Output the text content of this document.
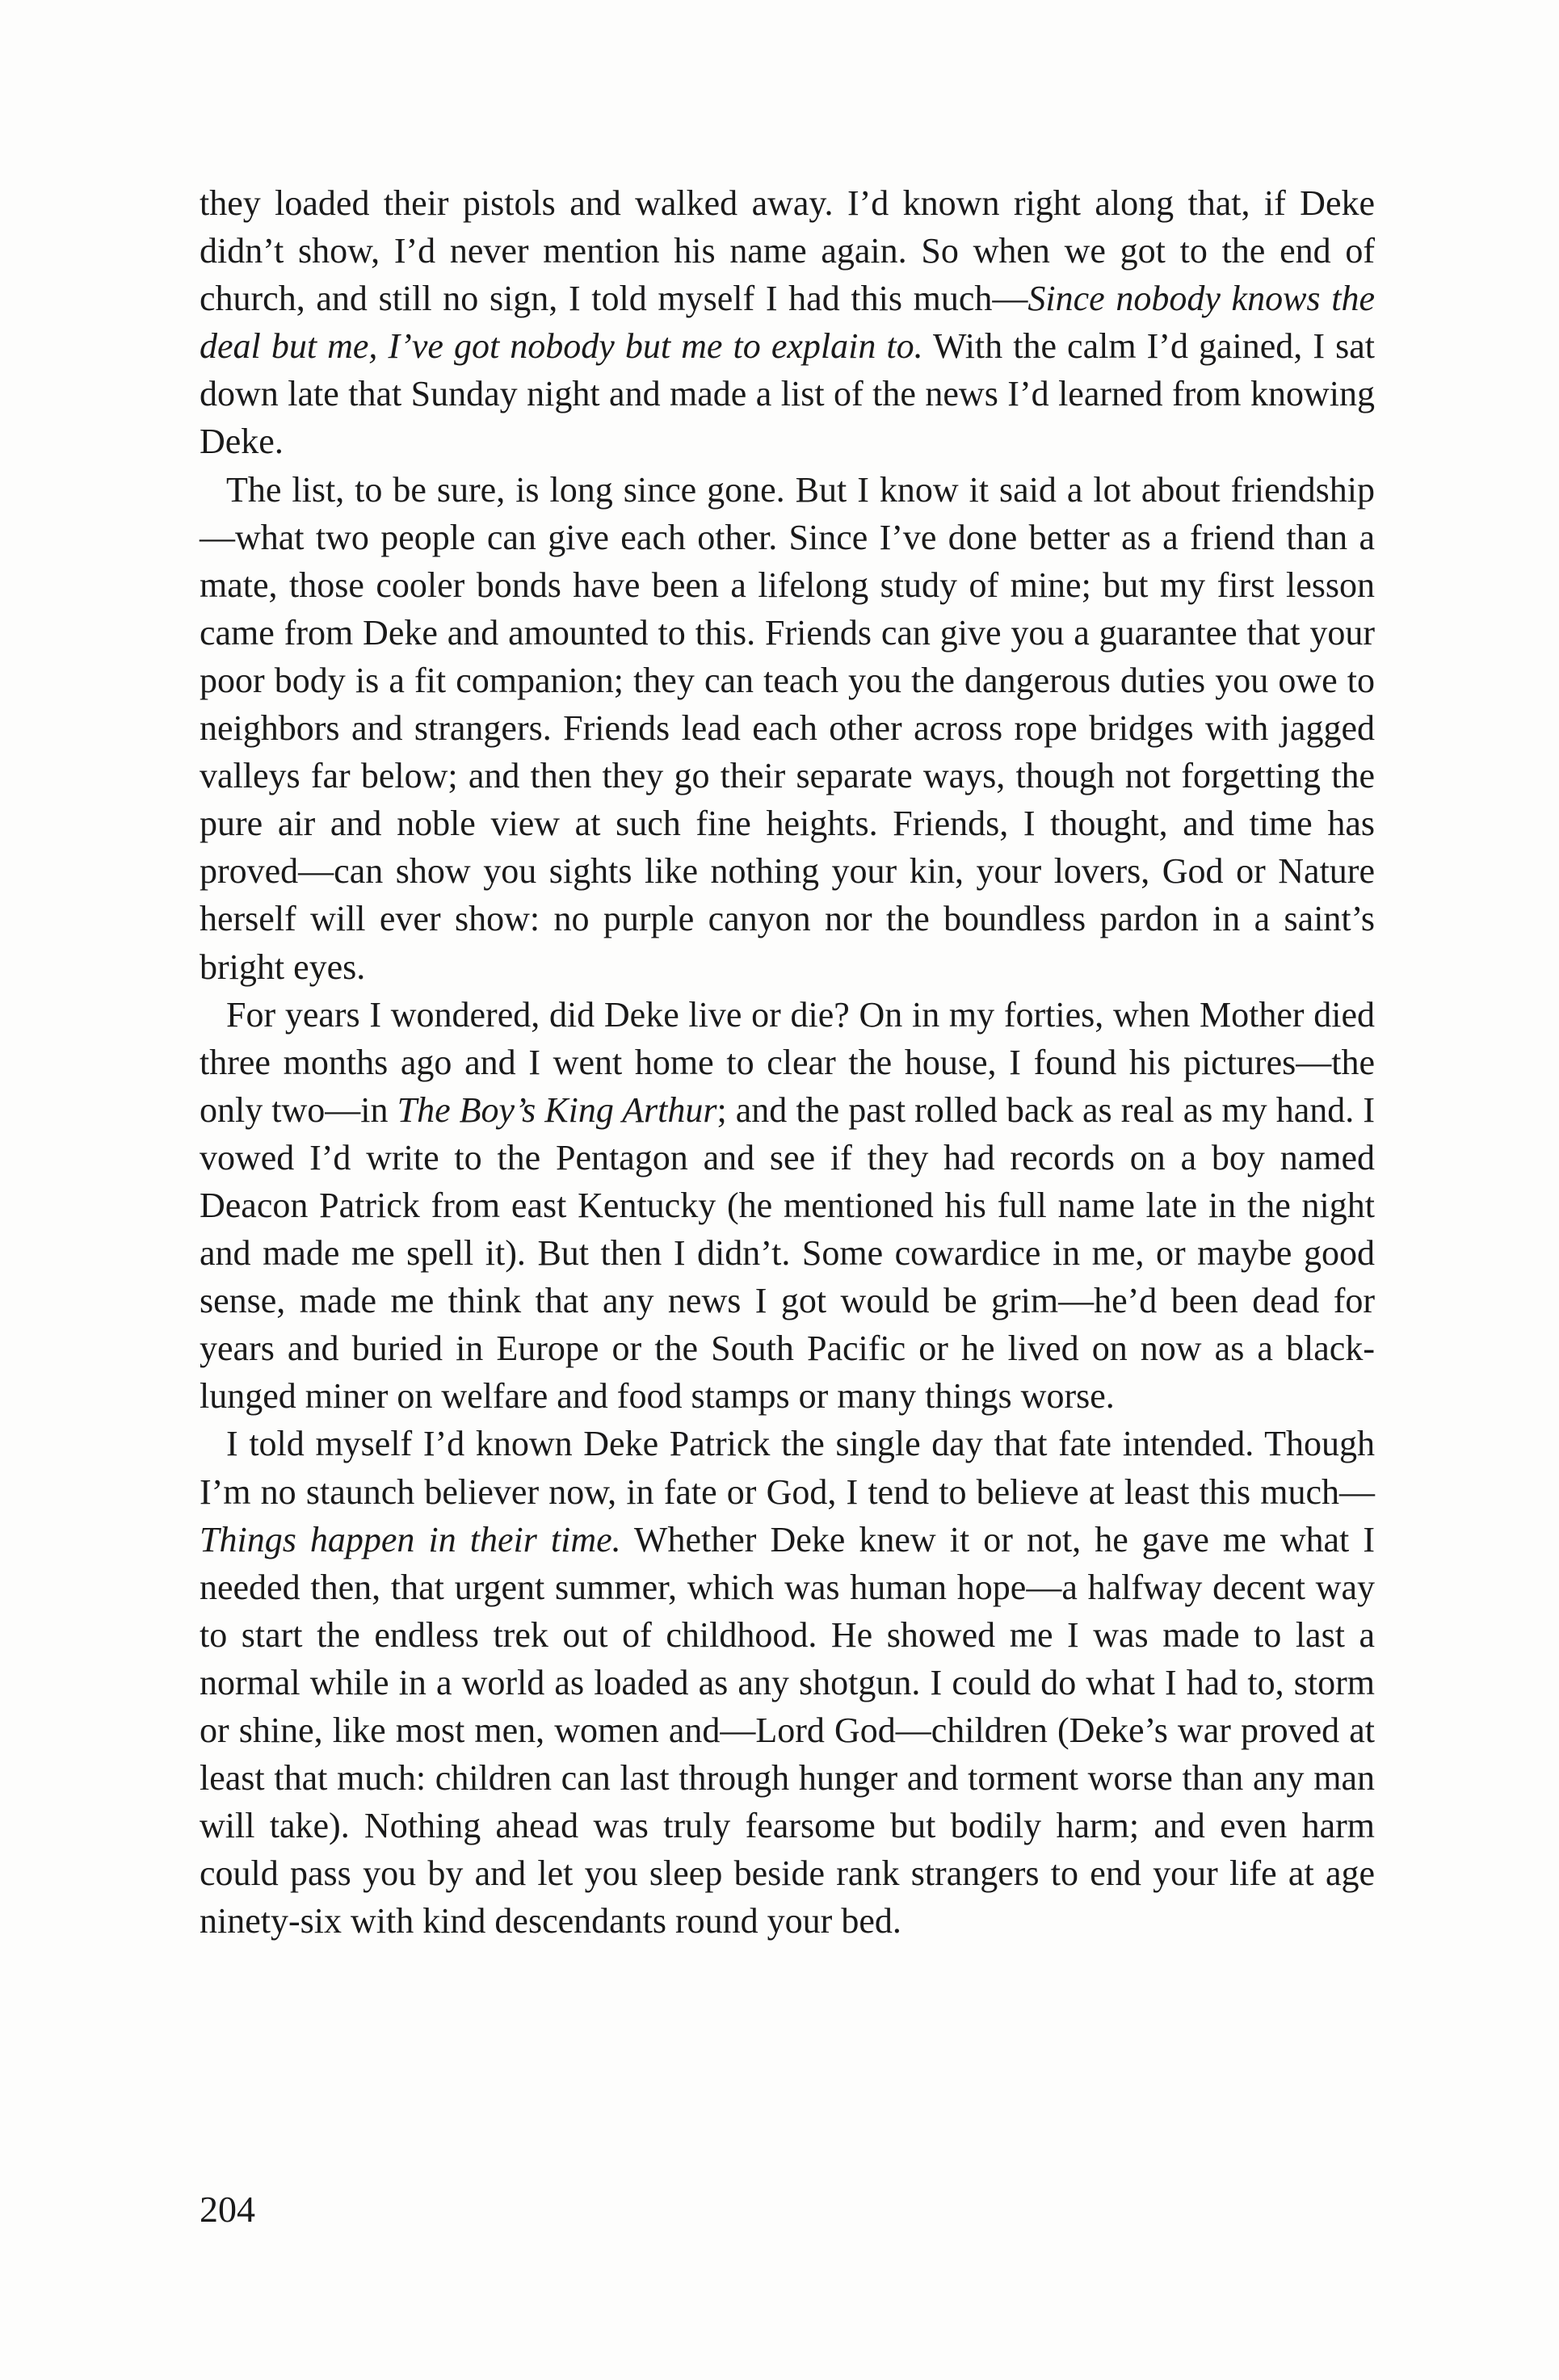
they loaded their pistols and walked away. I’d known right along that, if Deke didn’t show, I’d never mention his name again. So when we got to the end of church, and still no sign, I told myself I had this much—Since nobody knows the deal but me, I’ve got nobody but me to explain to. With the calm I’d gained, I sat down late that Sunday night and made a list of the news I’d learned from knowing Deke.

The list, to be sure, is long since gone. But I know it said a lot about friendship—what two people can give each other. Since I’ve done better as a friend than a mate, those cooler bonds have been a lifelong study of mine; but my first lesson came from Deke and amounted to this. Friends can give you a guarantee that your poor body is a fit companion; they can teach you the dangerous duties you owe to neighbors and strangers. Friends lead each other across rope bridges with jagged valleys far below; and then they go their separate ways, though not forgetting the pure air and noble view at such fine heights. Friends, I thought, and time has proved—can show you sights like nothing your kin, your lovers, God or Nature herself will ever show: no purple canyon nor the boundless pardon in a saint’s bright eyes.

For years I wondered, did Deke live or die? On in my forties, when Mother died three months ago and I went home to clear the house, I found his pictures—the only two—in The Boy’s King Arthur; and the past rolled back as real as my hand. I vowed I’d write to the Pentagon and see if they had records on a boy named Deacon Patrick from east Kentucky (he mentioned his full name late in the night and made me spell it). But then I didn’t. Some cowardice in me, or maybe good sense, made me think that any news I got would be grim—he’d been dead for years and buried in Europe or the South Pacific or he lived on now as a black-lunged miner on welfare and food stamps or many things worse.

I told myself I’d known Deke Patrick the single day that fate intended. Though I’m no staunch believer now, in fate or God, I tend to believe at least this much—Things happen in their time. Whether Deke knew it or not, he gave me what I needed then, that urgent summer, which was human hope—a halfway decent way to start the endless trek out of childhood. He showed me I was made to last a normal while in a world as loaded as any shotgun. I could do what I had to, storm or shine, like most men, women and—Lord God—children (Deke’s war proved at least that much: children can last through hunger and torment worse than any man will take). Nothing ahead was truly fearsome but bodily harm; and even harm could pass you by and let you sleep beside rank strangers to end your life at age ninety-six with kind descendants round your bed.

204
